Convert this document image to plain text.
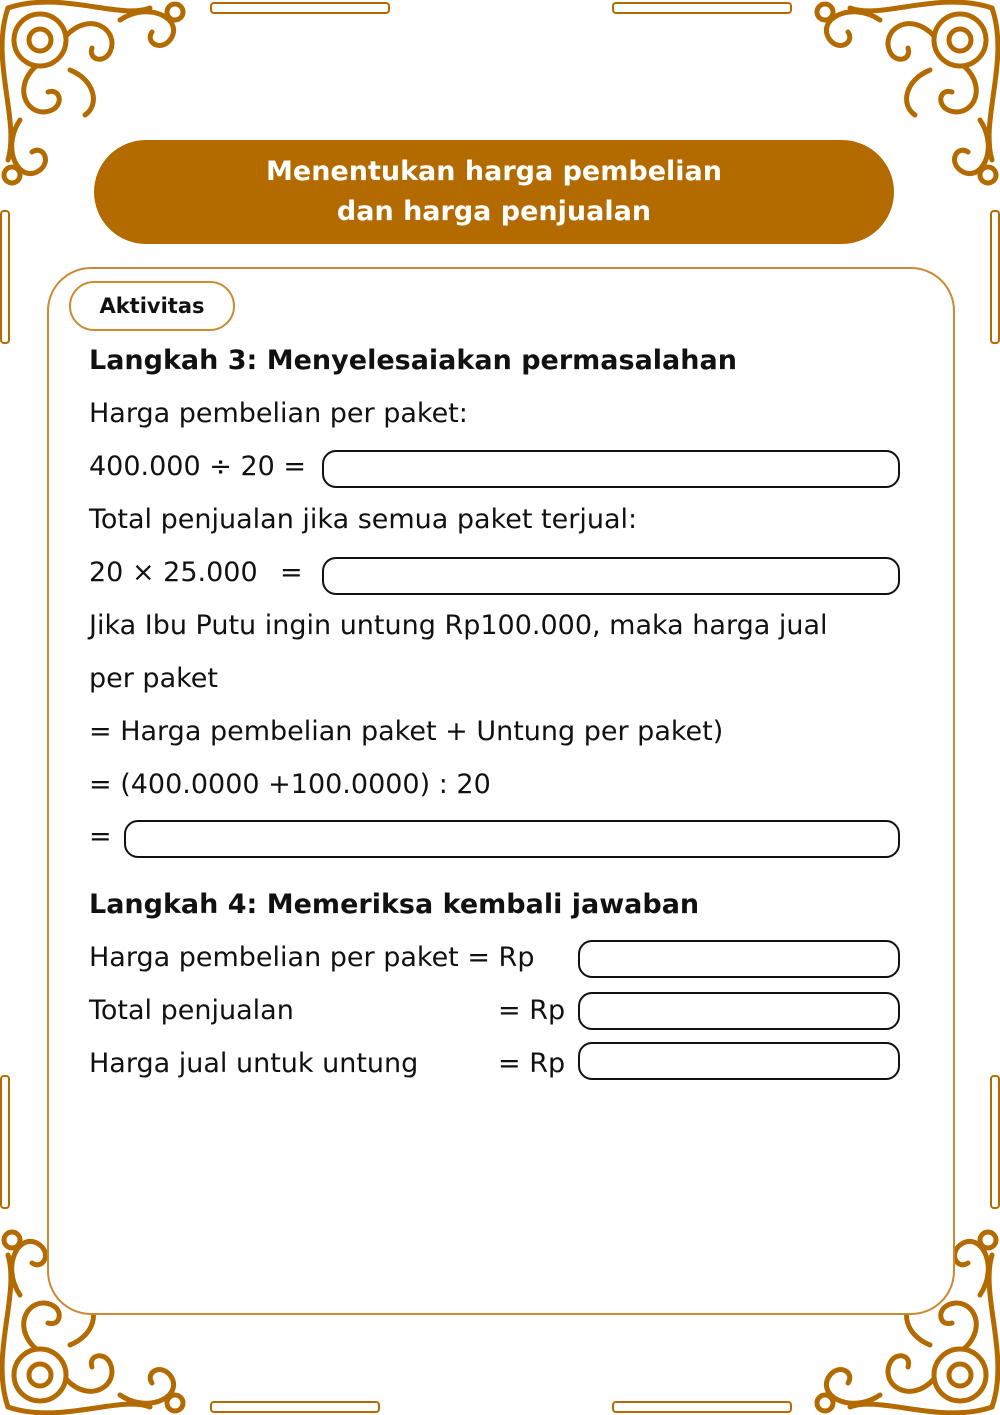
Menentukan harga pembelian
dan harga penjualan
Aktivitas
Langkah 3: Menyelesaiakan permasalahan
Harga pembelian per paket:
400.000 ÷ 20 =
Total penjualan jika semua paket terjual:
20 × 25.000 =
Jika Ibu Putu ingin untung Rp100.000, maka harga jual
per paket
= Harga pembelian paket + Untung per paket)
= (400.0000 +100.0000) : 20
=
Langkah 4: Memeriksa kembali jawaban
Harga pembelian per paket = Rp
Total penjualan	= Rp
Harga jual untuk untung	= Rp
